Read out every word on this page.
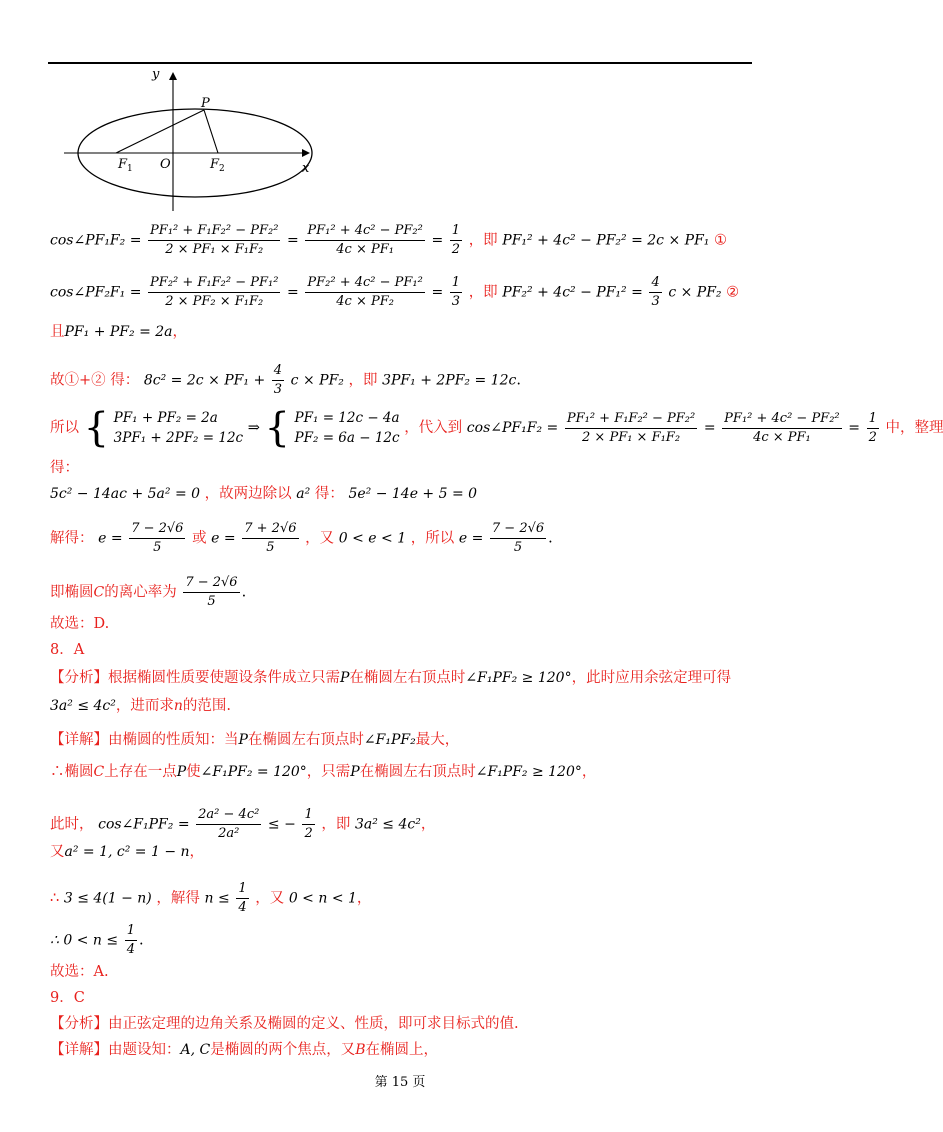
y
x
P
$F_1$ O	$F_2$
cos∠PF₁F₂ = $\frac{\text{PF₁² + F₁F₂² − PF₂²}}{\text{2 × PF₁ × F₁F₂}} = \frac{\text{PF₁² + 4c² − PF₂²}}{\text{4c × PF₁}} = \frac{1}{2}$ ，即 PF₁² + 4c² − PF₂² = 2c × PF₁ ①
cos∠PF₂F₁ = $\frac{\text{PF₂² + F₁F₂² − PF₁²}}{\text{2 × PF₂ × F₁F₂}} = \frac{\text{PF₂² + 4c² − PF₁²}}{\text{4c × PF₂}} = \frac{1}{3}$ ，即 $PF_2^2 + 4c^2 - PF_1^2 = \frac{4}{3}$ c × PF₂ ②
且PF₁ + PF₂ = 2a，
故①+② 得： $8c^2 = 2c \times PF_1 + \frac{4}{3}$ c × PF₂ ，即 3PF₁ + 2PF₂ = 12c.
所以 { PF₁ + PF₂ = 2a
3PF₁ + 2PF₂ = 12c
⇒ { PF₁ = 12c − 4a
PF₂ = 6a − 12c
，代入到 cos∠PF₁F₂ = $\frac{\text{PF₁² + F₁F₂² − PF₂²}}{\text{2 × PF₁ × F₁F₂}} = \frac{\text{PF₁² + 4c² − PF₂²}}{\text{4c × PF₁}} = \frac{1}{2}$ 中，整理
得：
5c² − 14ac + 5a² = 0 ，故两边除以 a² 得： 5e² − 14e + 5 = 0
解得： $e = \frac{7 - 2√6}{5}$ 或 $e = \frac{7 + 2√6}{5}$ ，又 0 < e < 1 ，所以 $e = \frac{7 - 2√6}{5}$ .
即椭圆C的离心率为 $\frac{7 - 2√6}{5}$ .
故选：D.
8．A
【分析】根据椭圆性质要使题设条件成立只需P在椭圆左右顶点时∠F₁PF₂ ≥ 120°，此时应用余弦定理可得
3a² ≤ 4c²，进而求n的范围.
【详解】由椭圆的性质知：当P在椭圆左右顶点时∠F₁PF₂最大，
∴椭圆C上存在一点P使∠F₁PF₂ = 120°，只需P在椭圆左右顶点时∠F₁PF₂ ≥ 120°，
此时， cos∠F₁PF₂ = $\frac{\text{2a² − 4c²}}{\text{2a²}}$ ≤ − $\frac{1}{2}$ ，即 3a² ≤ 4c²，
又a² = 1, c² = 1 − n，
∴ 3 ≤ 4(1 − n) ，解得 $n \le \frac{1}{4}$ ，又 0 < n < 1，
∴ $0 < n \le \frac{1}{4}$ .
故选：A.
9．C
【分析】由正弦定理的边角关系及椭圆的定义、性质，即可求目标式的值.
【详解】由题设知：A, C是椭圆的两个焦点，又B在椭圆上，
第 15 页
